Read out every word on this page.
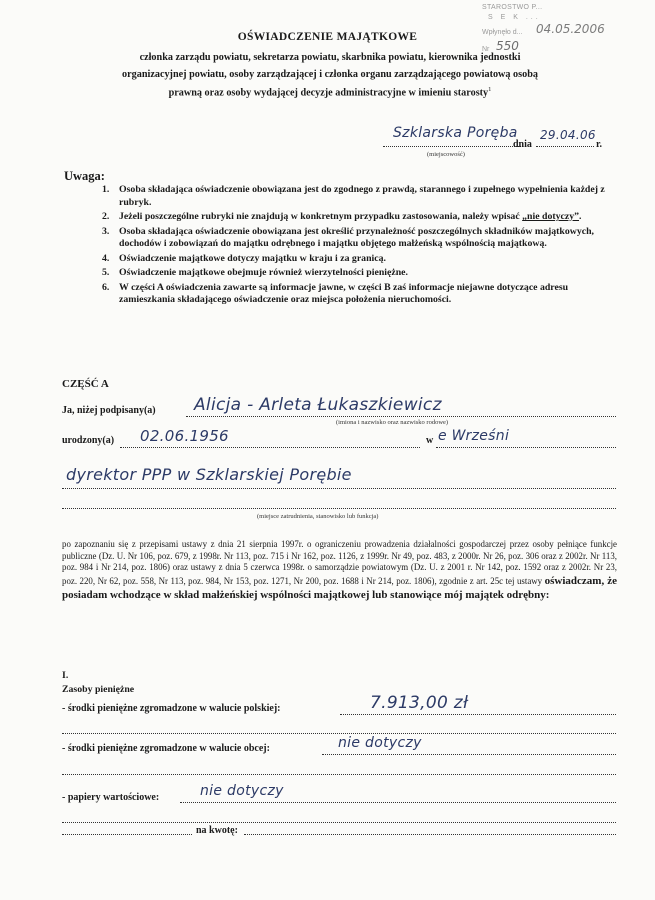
STAROSTWO P...
S E K ...
Wpłynęło d... 04.05.2006
Nr 550
OŚWIADCZENIE MAJĄTKOWE
członka zarządu powiatu, sekretarza powiatu, skarbnika powiatu, kierownika jednostki
organizacyjnej powiatu, osoby zarządzającej i członka organu zarządzającego powiatową osobą
prawną oraz osoby wydającej decyzje administracyjne w imieniu starosty$^1$
Szklarska Poręba
dnia
29.04.06
r.
(miejscowość)
Uwaga:
1. Osoba składająca oświadczenie obowiązana jest do zgodnego z prawdą, starannego i zupełnego wypełnienia każdej z rubryk.
2. Jeżeli poszczególne rubryki nie znajdują w konkretnym przypadku zastosowania, należy wpisać „nie dotyczy”.
3. Osoba składająca oświadczenie obowiązana jest określić przynależność poszczególnych składników majątkowych, dochodów i zobowiązań do majątku odrębnego i majątku objętego małżeńską wspólnością majątkową.
4. Oświadczenie majątkowe dotyczy majątku w kraju i za granicą.
5. Oświadczenie majątkowe obejmuje również wierzytelności pieniężne.
6. W części A oświadczenia zawarte są informacje jawne, w części B zaś informacje niejawne dotyczące adresu zamieszkania składającego oświadczenie oraz miejsca położenia nieruchomości.
CZĘŚĆ A
Ja, niżej podpisany(a) Alicja - Arleta Łukaszkiewicz
(imiona i nazwisko oraz nazwisko rodowe)
urodzony(a) 02.06.1956	w e Wrześni
dyrektor PPP w Szklarskiej Porębie
(miejsce zatrudnienia, stanowisko lub funkcja)
po zapoznaniu się z przepisami ustawy z dnia 21 sierpnia 1997r. o ograniczeniu prowadzenia działalności gospodarczej przez osoby pełniące funkcje publiczne (Dz. U. Nr 106, poz. 679, z 1998r. Nr 113, poz. 715 i Nr 162, poz. 1126, z 1999r. Nr 49, poz. 483, z 2000r. Nr 26, poz. 306 oraz z 2002r. Nr 113, poz. 984 i Nr 214, poz. 1806) oraz ustawy z dnia 5 czerwca 1998r. o samorządzie powiatowym (Dz. U. z 2001 r. Nr 142, poz. 1592 oraz z 2002r. Nr 23, poz. 220, Nr 62, poz. 558, Nr 113, poz. 984, Nr 153, poz. 1271, Nr 200, poz. 1688 i Nr 214, poz. 1806), zgodnie z art. 25c tej ustawy oświadczam, że posiadam wchodzące w skład małżeńskiej wspólności majątkowej lub stanowiące mój majątek odrębny:
I.
Zasoby pieniężne
- środki pieniężne zgromadzone w walucie polskiej:	7.913,00 zł
- środki pieniężne zgromadzone w walucie obcej:	nie dotyczy
- papiery wartościowe:	nie dotyczy
na kwotę:
